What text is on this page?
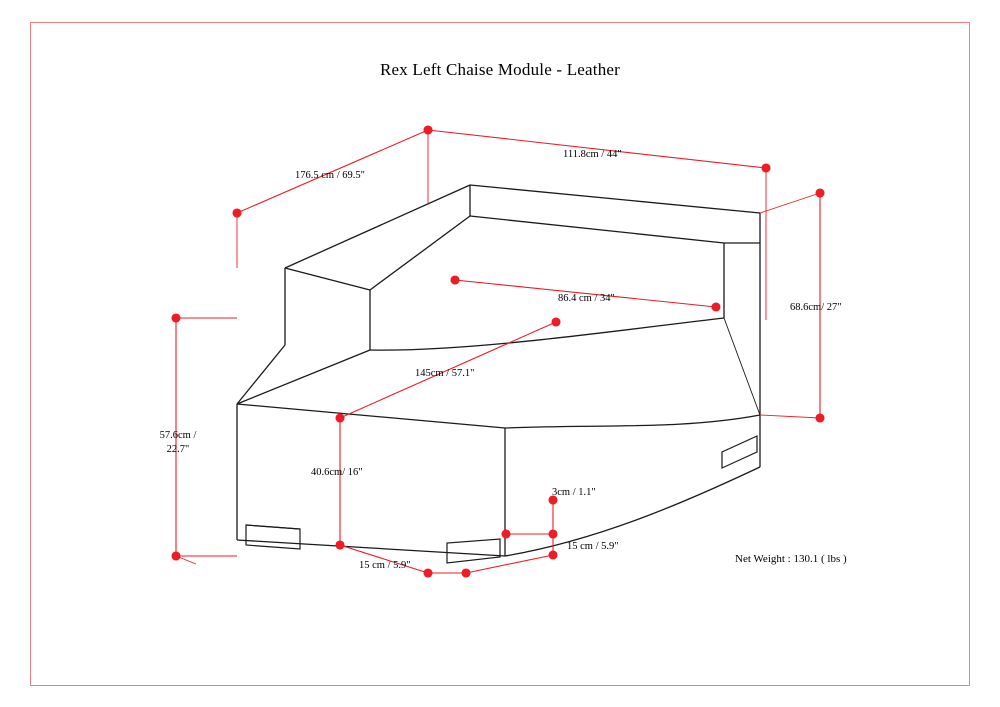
Rex Left Chaise Module - Leather
176.5 cm / 69.5"
111.8cm / 44"
68.6cm/ 27"
86.4 cm / 34"
145cm / 57.1"
57.6cm /
22.7"
40.6cm/ 16"
3cm / 1.1"
15 cm / 5.9"
15 cm / 5.9"
Net Weight : 130.1 ( lbs )
